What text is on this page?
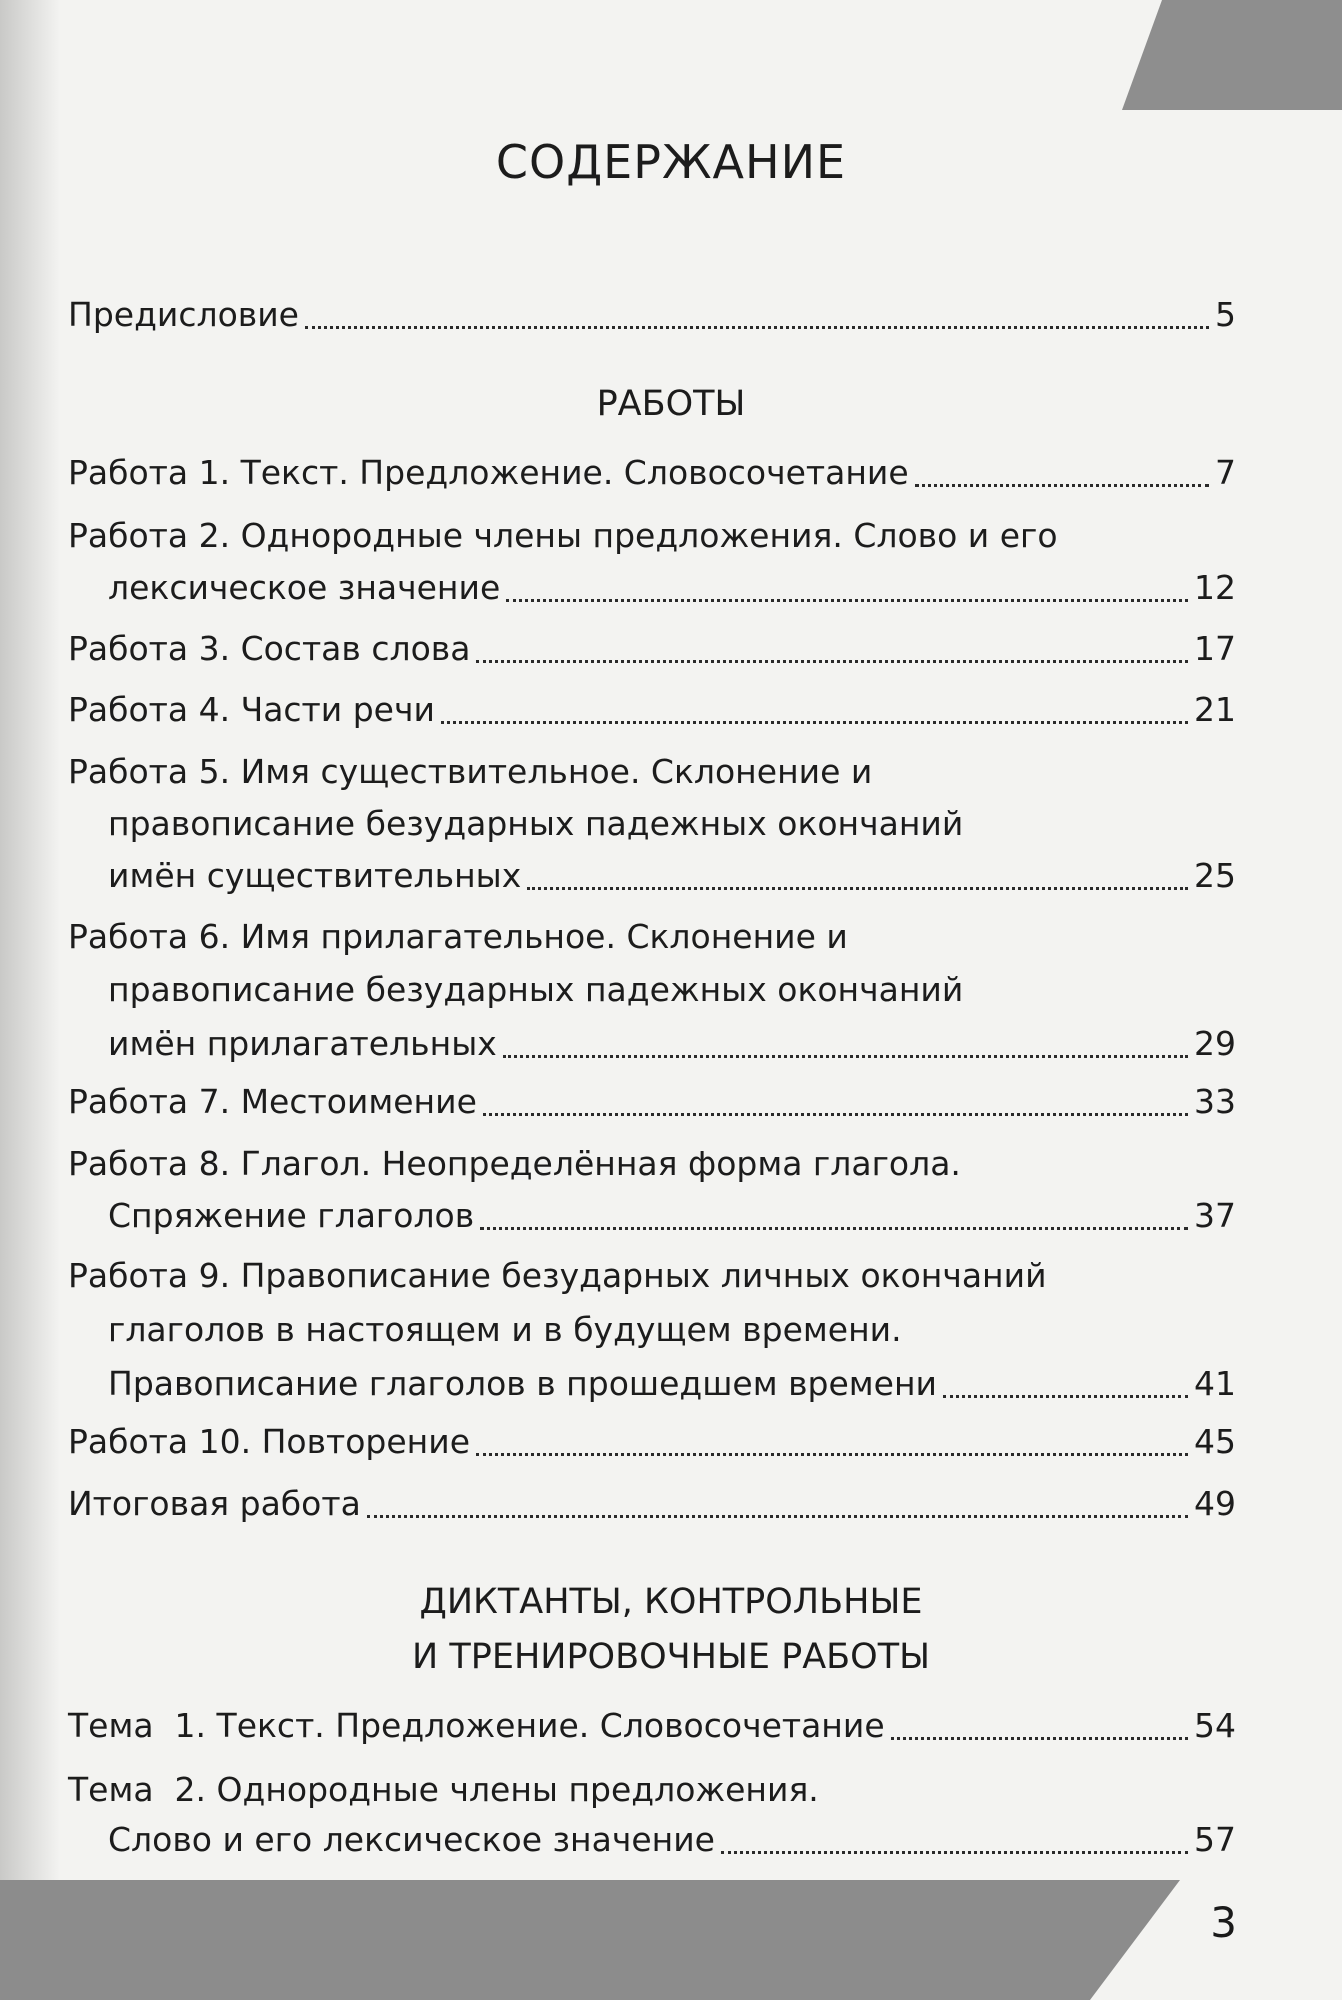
СОДЕРЖАНИЕ
Предисловие	5
РАБОТЫ
Работа 1. Текст. Предложение. Словосочетание	7
Работа 2. Однородные члены предложения. Слово и его
лексическое значение	12
Работа 3. Состав слова	17
Работа 4. Части речи	21
Работа 5. Имя существительное. Склонение и
правописание безударных падежных окончаний
имён существительных	25
Работа 6. Имя прилагательное. Склонение и
правописание безударных падежных окончаний
имён прилагательных	29
Работа 7. Местоимение	33
Работа 8. Глагол. Неопределённая форма глагола.
Спряжение глаголов	37
Работа 9. Правописание безударных личных окончаний
глаголов в настоящем и в будущем времени.
Правописание глаголов в прошедшем времени	41
Работа 10. Повторение	45
Итоговая работа	49
ДИКТАНТЫ, КОНТРОЛЬНЫЕ
И ТРЕНИРОВОЧНЫЕ РАБОТЫ
Тема  1. Текст. Предложение. Словосочетание	54
Тема  2. Однородные члены предложения.
Слово и его лексическое значение	57
3
